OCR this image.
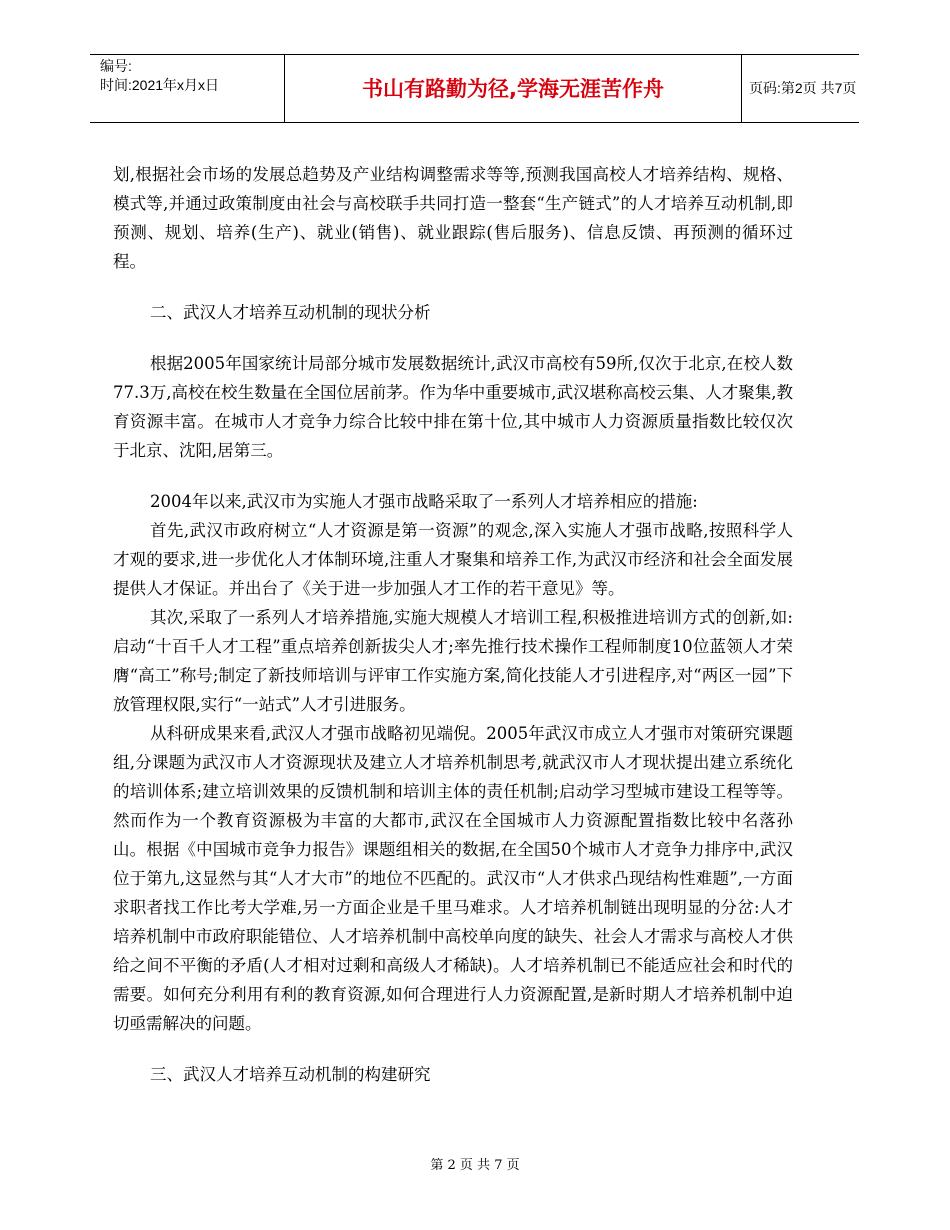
编号:
时间:2021年x月x日	书山有路勤为径,学海无涯苦作舟	页码:第2页 共7页

划,根据社会市场的发展总趋势及产业结构调整需求等等,预测我国高校人才培养结构、规格、模式等,并通过政策制度由社会与高校联手共同打造一整套“生产链式”的人才培养互动机制,即预测、规划、培养(生产)、就业(销售)、就业跟踪(售后服务)、信息反馈、再预测的循环过程。

二、武汉人才培养互动机制的现状分析

根据2005年国家统计局部分城市发展数据统计,武汉市高校有59所,仅次于北京,在校人数77.3万,高校在校生数量在全国位居前茅。作为华中重要城市,武汉堪称高校云集、人才聚集,教育资源丰富。在城市人才竞争力综合比较中排在第十位,其中城市人力资源质量指数比较仅次于北京、沈阳,居第三。

2004年以来,武汉市为实施人才强市战略采取了一系列人才培养相应的措施:

首先,武汉市政府树立“人才资源是第一资源”的观念,深入实施人才强市战略,按照科学人才观的要求,进一步优化人才体制环境,注重人才聚集和培养工作,为武汉市经济和社会全面发展提供人才保证。并出台了《关于进一步加强人才工作的若干意见》等。

其次,采取了一系列人才培养措施,实施大规模人才培训工程,积极推进培训方式的创新,如:启动“十百千人才工程”重点培养创新拔尖人才;率先推行技术操作工程师制度10位蓝领人才荣膺“高工”称号;制定了新技师培训与评审工作实施方案,简化技能人才引进程序,对“两区一园”下放管理权限,实行“一站式”人才引进服务。

从科研成果来看,武汉人才强市战略初见端倪。2005年武汉市成立人才强市对策研究课题组,分课题为武汉市人才资源现状及建立人才培养机制思考,就武汉市人才现状提出建立系统化的培训体系;建立培训效果的反馈机制和培训主体的责任机制;启动学习型城市建设工程等等。然而作为一个教育资源极为丰富的大都市,武汉在全国城市人力资源配置指数比较中名落孙山。根据《中国城市竞争力报告》课题组相关的数据,在全国50个城市人才竞争力排序中,武汉位于第九,这显然与其“人才大市”的地位不匹配的。武汉市“人才供求凸现结构性难题”,一方面求职者找工作比考大学难,另一方面企业是千里马难求。人才培养机制链出现明显的分岔:人才培养机制中市政府职能错位、人才培养机制中高校单向度的缺失、社会人才需求与高校人才供给之间不平衡的矛盾(人才相对过剩和高级人才稀缺)。人才培养机制已不能适应社会和时代的需要。如何充分利用有利的教育资源,如何合理进行人力资源配置,是新时期人才培养机制中迫切亟需解决的问题。

三、武汉人才培养互动机制的构建研究

第 2 页 共 7 页
